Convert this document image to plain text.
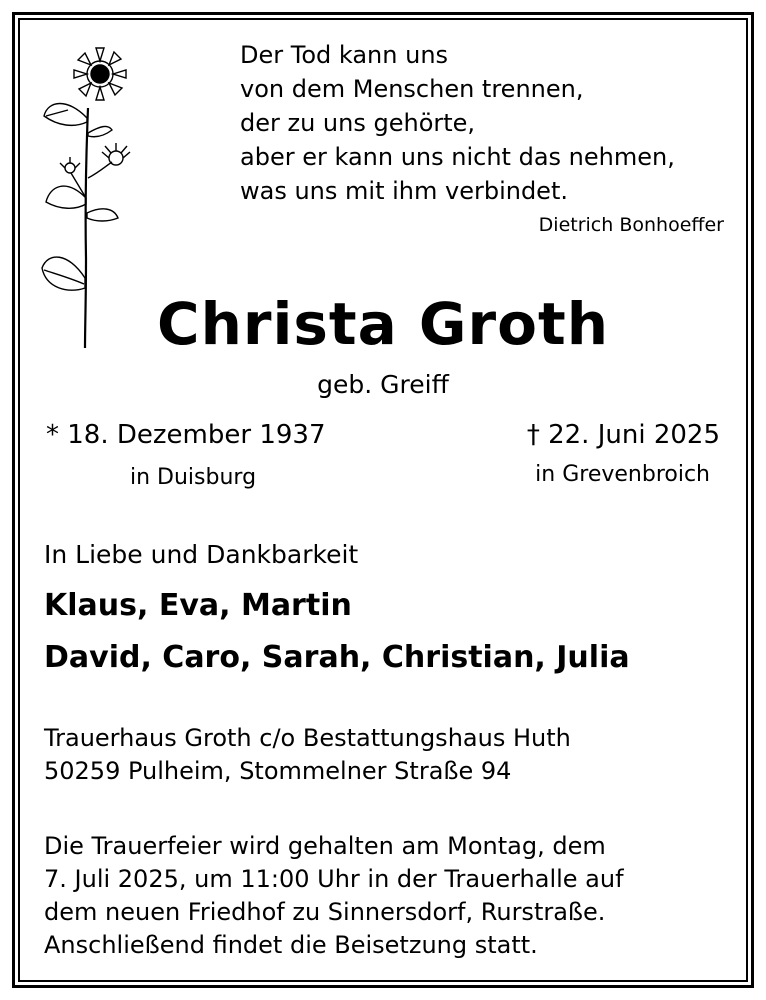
Der Tod kann uns
von dem Menschen trennen,
der zu uns gehörte,
aber er kann uns nicht das nehmen,
was uns mit ihm verbindet.
Dietrich Bonhoeffer
Christa Groth
geb. Greiff
* 18. Dezember 1937
in Duisburg
† 22. Juni 2025
in Grevenbroich
In Liebe und Dankbarkeit
Klaus, Eva, Martin
David, Caro, Sarah, Christian, Julia
Trauerhaus Groth c/o Bestattungshaus Huth
50259 Pulheim, Stommelner Straße 94
Die Trauerfeier wird gehalten am Montag, dem
7. Juli 2025, um 11:00 Uhr in der Trauerhalle auf
dem neuen Friedhof zu Sinnersdorf, Rurstraße.
Anschließend findet die Beisetzung statt.
